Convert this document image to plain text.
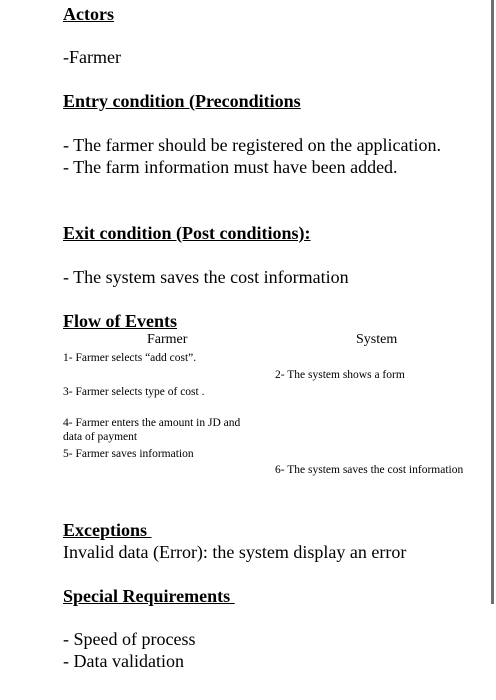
Actors
-Farmer
Entry condition (Preconditions
- The farmer should be registered on the application.
- The farm information must have been added.
Exit condition (Post conditions):
- The system saves the cost information
Flow of Events
Farmer	System
1- Farmer selects “add cost”.
2- The system shows a form
3- Farmer selects type of cost .
4- Farmer enters the amount in JD and
data of payment
5- Farmer saves information
6- The system saves the cost information
Exceptions
Invalid data (Error): the system display an error
Special Requirements
- Speed of process
- Data validation
